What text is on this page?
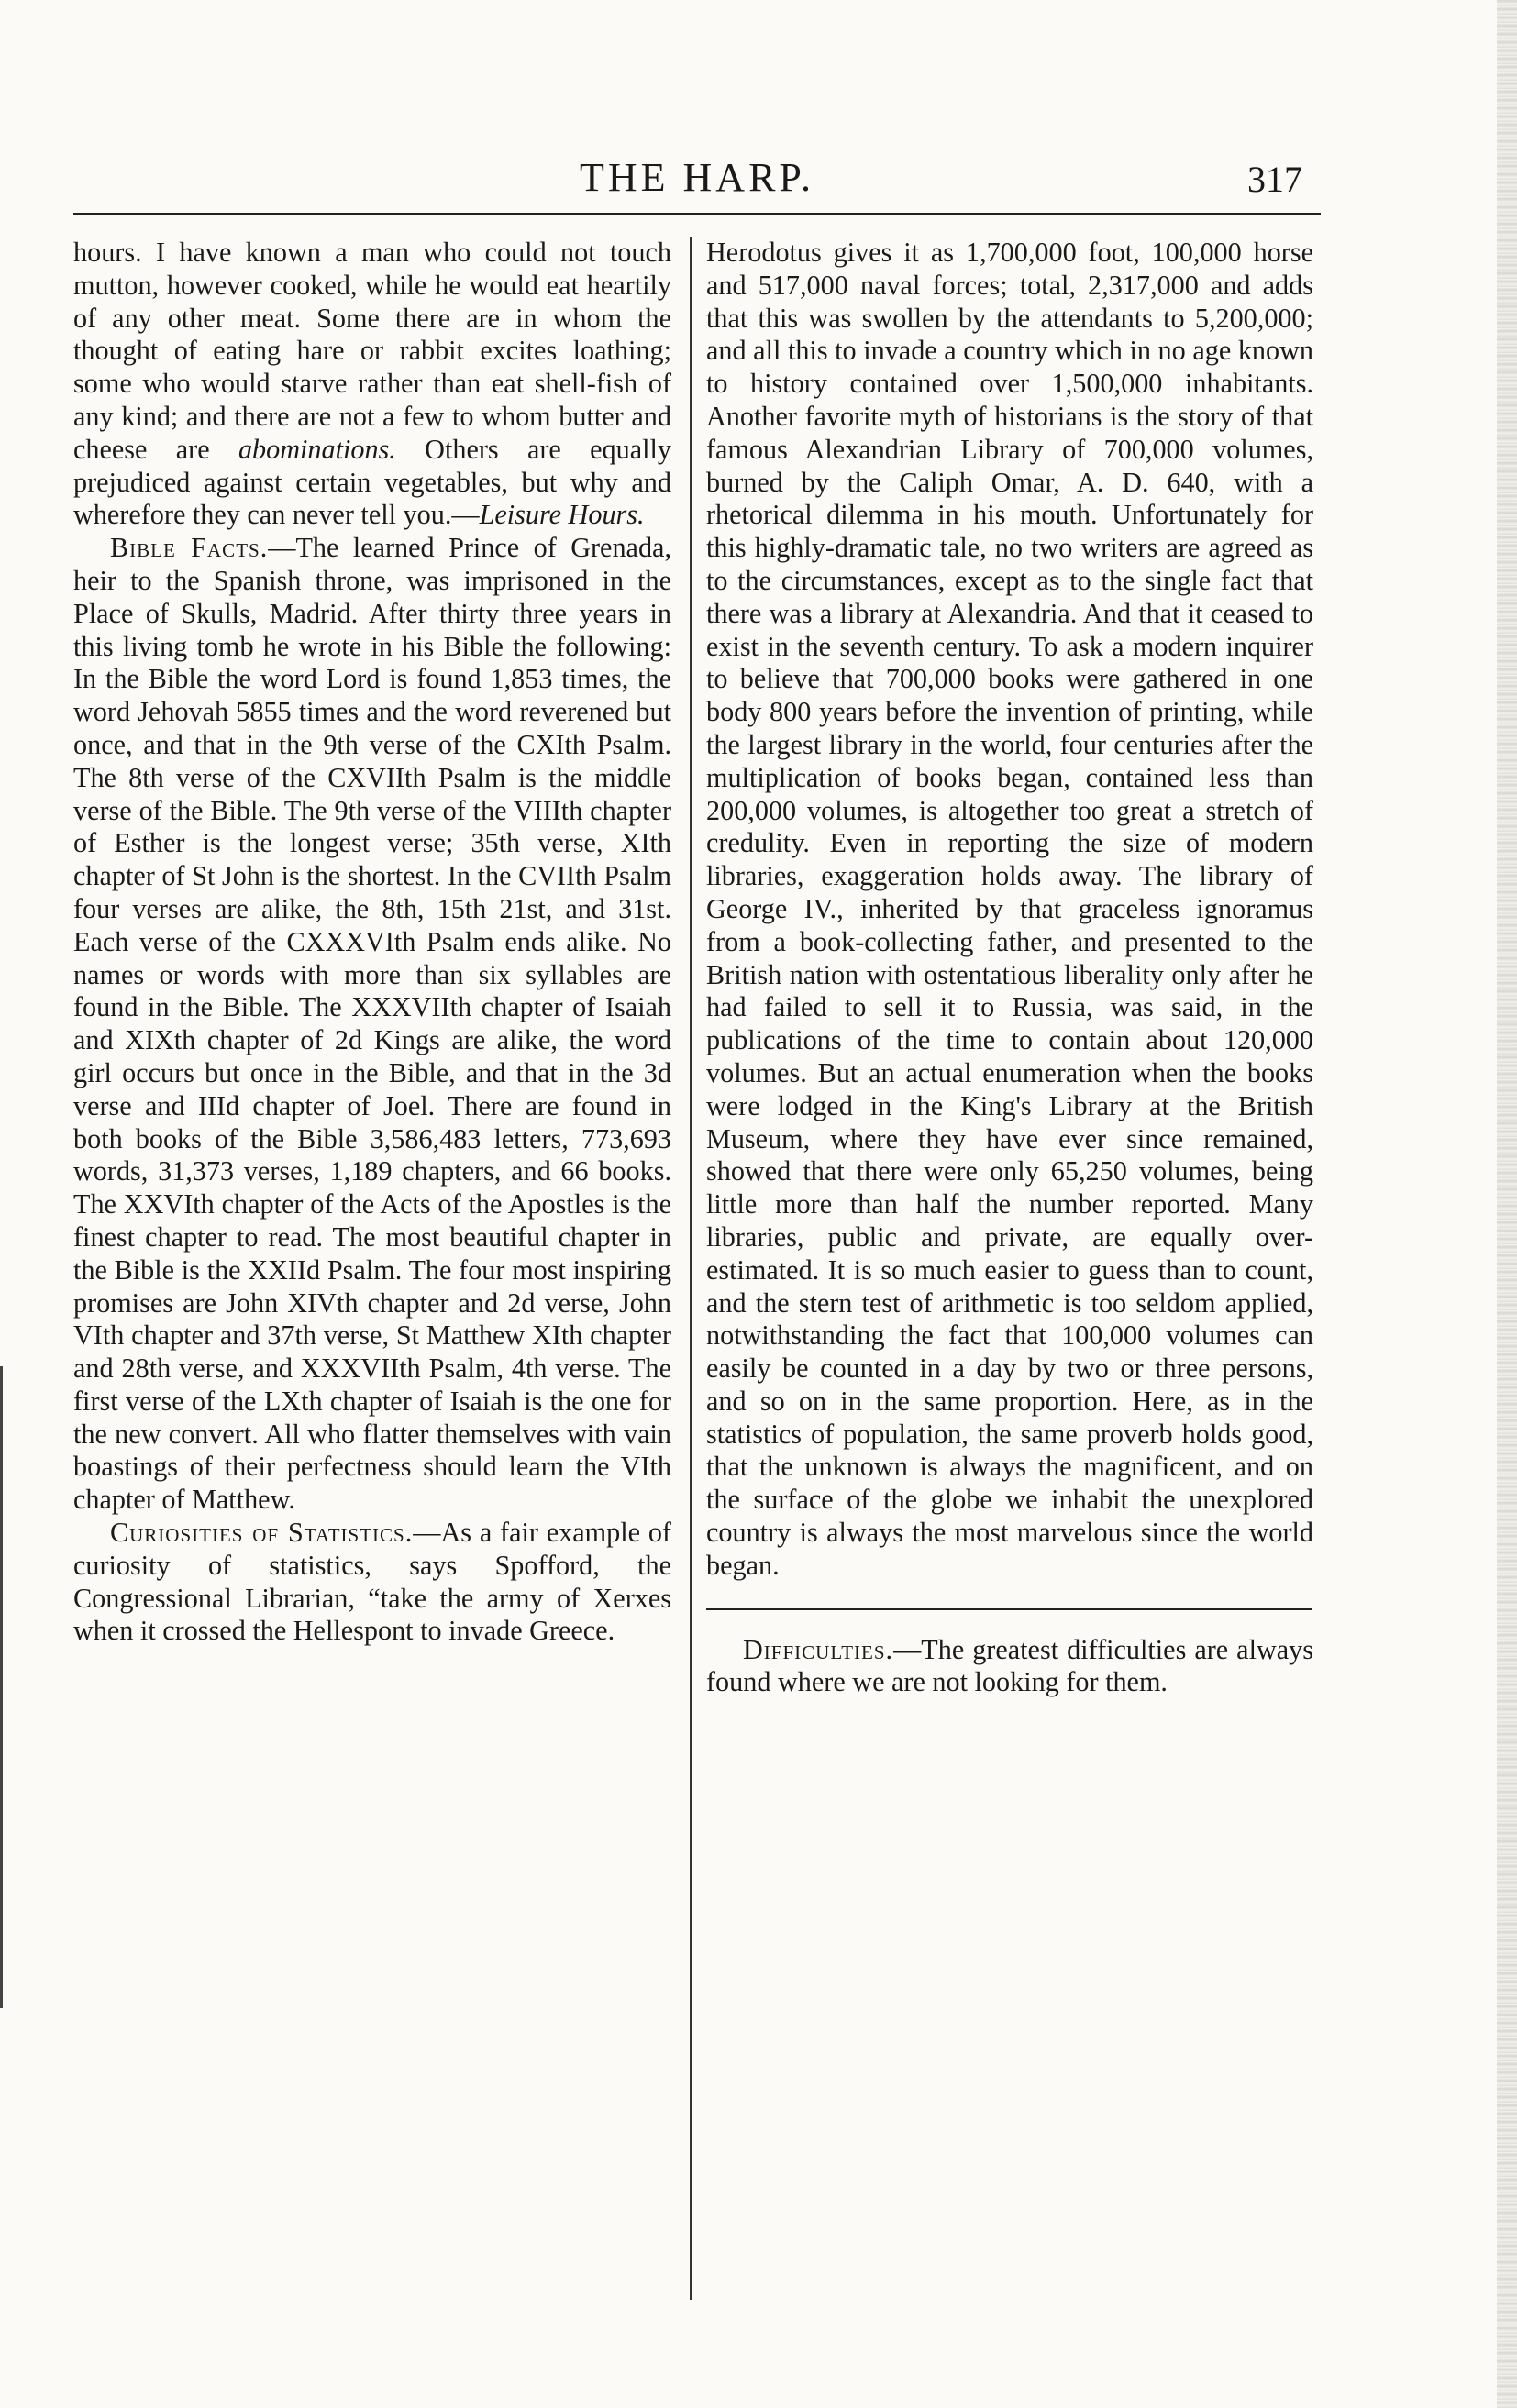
THE HARP.	317

hours. I have known a man who could not touch mutton, however cooked, while he would eat heartily of any other meat. Some there are in whom the thought of eating hare or rabbit excites loathing; some who would starve rather than eat shell-fish of any kind; and there are not a few to whom butter and cheese are abominations. Others are equally prejudiced against certain vegetables, but why and wherefore they can never tell you.—Leisure Hours.

Bible Facts.—The learned Prince of Grenada, heir to the Spanish throne, was imprisoned in the Place of Skulls, Madrid. After thirty three years in this living tomb he wrote in his Bible the following: In the Bible the word Lord is found 1,853 times, the word Jehovah 5855 times and the word reverened but once, and that in the 9th verse of the CXIth Psalm. The 8th verse of the CXVIIth Psalm is the middle verse of the Bible. The 9th verse of the VIIIth chapter of Esther is the longest verse; 35th verse, XIth chapter of St John is the shortest. In the CVIIth Psalm four verses are alike, the 8th, 15th 21st, and 31st. Each verse of the CXXXVIth Psalm ends alike. No names or words with more than six syllables are found in the Bible. The XXXVIIth chapter of Isaiah and XIXth chapter of 2d Kings are alike, the word girl occurs but once in the Bible, and that in the 3d verse and IIId chapter of Joel. There are found in both books of the Bible 3,586,483 letters, 773,693 words, 31,373 verses, 1,189 chapters, and 66 books. The XXVIth chapter of the Acts of the Apostles is the finest chapter to read. The most beautiful chapter in the Bible is the XXIId Psalm. The four most inspiring promises are John XIVth chapter and 2d verse, John VIth chapter and 37th verse, St Matthew XIth chapter and 28th verse, and XXXVIIth Psalm, 4th verse. The first verse of the LXth chapter of Isaiah is the one for the new convert. All who flatter themselves with vain boastings of their perfectness should learn the VIth chapter of Matthew.

Curiosities of Statistics.—As a fair example of curiosity of statistics, says Spofford, the Congressional Librarian, “take the army of Xerxes when it crossed the Hellespont to invade Greece.

Herodotus gives it as 1,700,000 foot, 100,000 horse and 517,000 naval forces; total, 2,317,000 and adds that this was swollen by the attendants to 5,200,000; and all this to invade a country which in no age known to history contained over 1,500,000 inhabitants. Another favorite myth of historians is the story of that famous Alexandrian Library of 700,000 volumes, burned by the Caliph Omar, A. D. 640, with a rhetorical dilemma in his mouth. Unfortunately for this highly-dramatic tale, no two writers are agreed as to the circumstances, except as to the single fact that there was a library at Alexandria. And that it ceased to exist in the seventh century. To ask a modern inquirer to believe that 700,000 books were gathered in one body 800 years before the invention of printing, while the largest library in the world, four centuries after the multiplication of books began, contained less than 200,000 volumes, is altogether too great a stretch of credulity. Even in reporting the size of modern libraries, exaggeration holds away. The library of George IV., inherited by that graceless ignoramus from a book-collecting father, and presented to the British nation with ostentatious liberality only after he had failed to sell it to Russia, was said, in the publications of the time to contain about 120,000 volumes. But an actual enumeration when the books were lodged in the King's Library at the British Museum, where they have ever since remained, showed that there were only 65,250 volumes, being little more than half the number reported. Many libraries, public and private, are equally over-estimated. It is so much easier to guess than to count, and the stern test of arithmetic is too seldom applied, notwithstanding the fact that 100,000 volumes can easily be counted in a day by two or three persons, and so on in the same proportion. Here, as in the statistics of population, the same proverb holds good, that the unknown is always the magnificent, and on the surface of the globe we inhabit the unexplored country is always the most marvelous since the world began.

Difficulties.—The greatest difficulties are always found where we are not looking for them.
